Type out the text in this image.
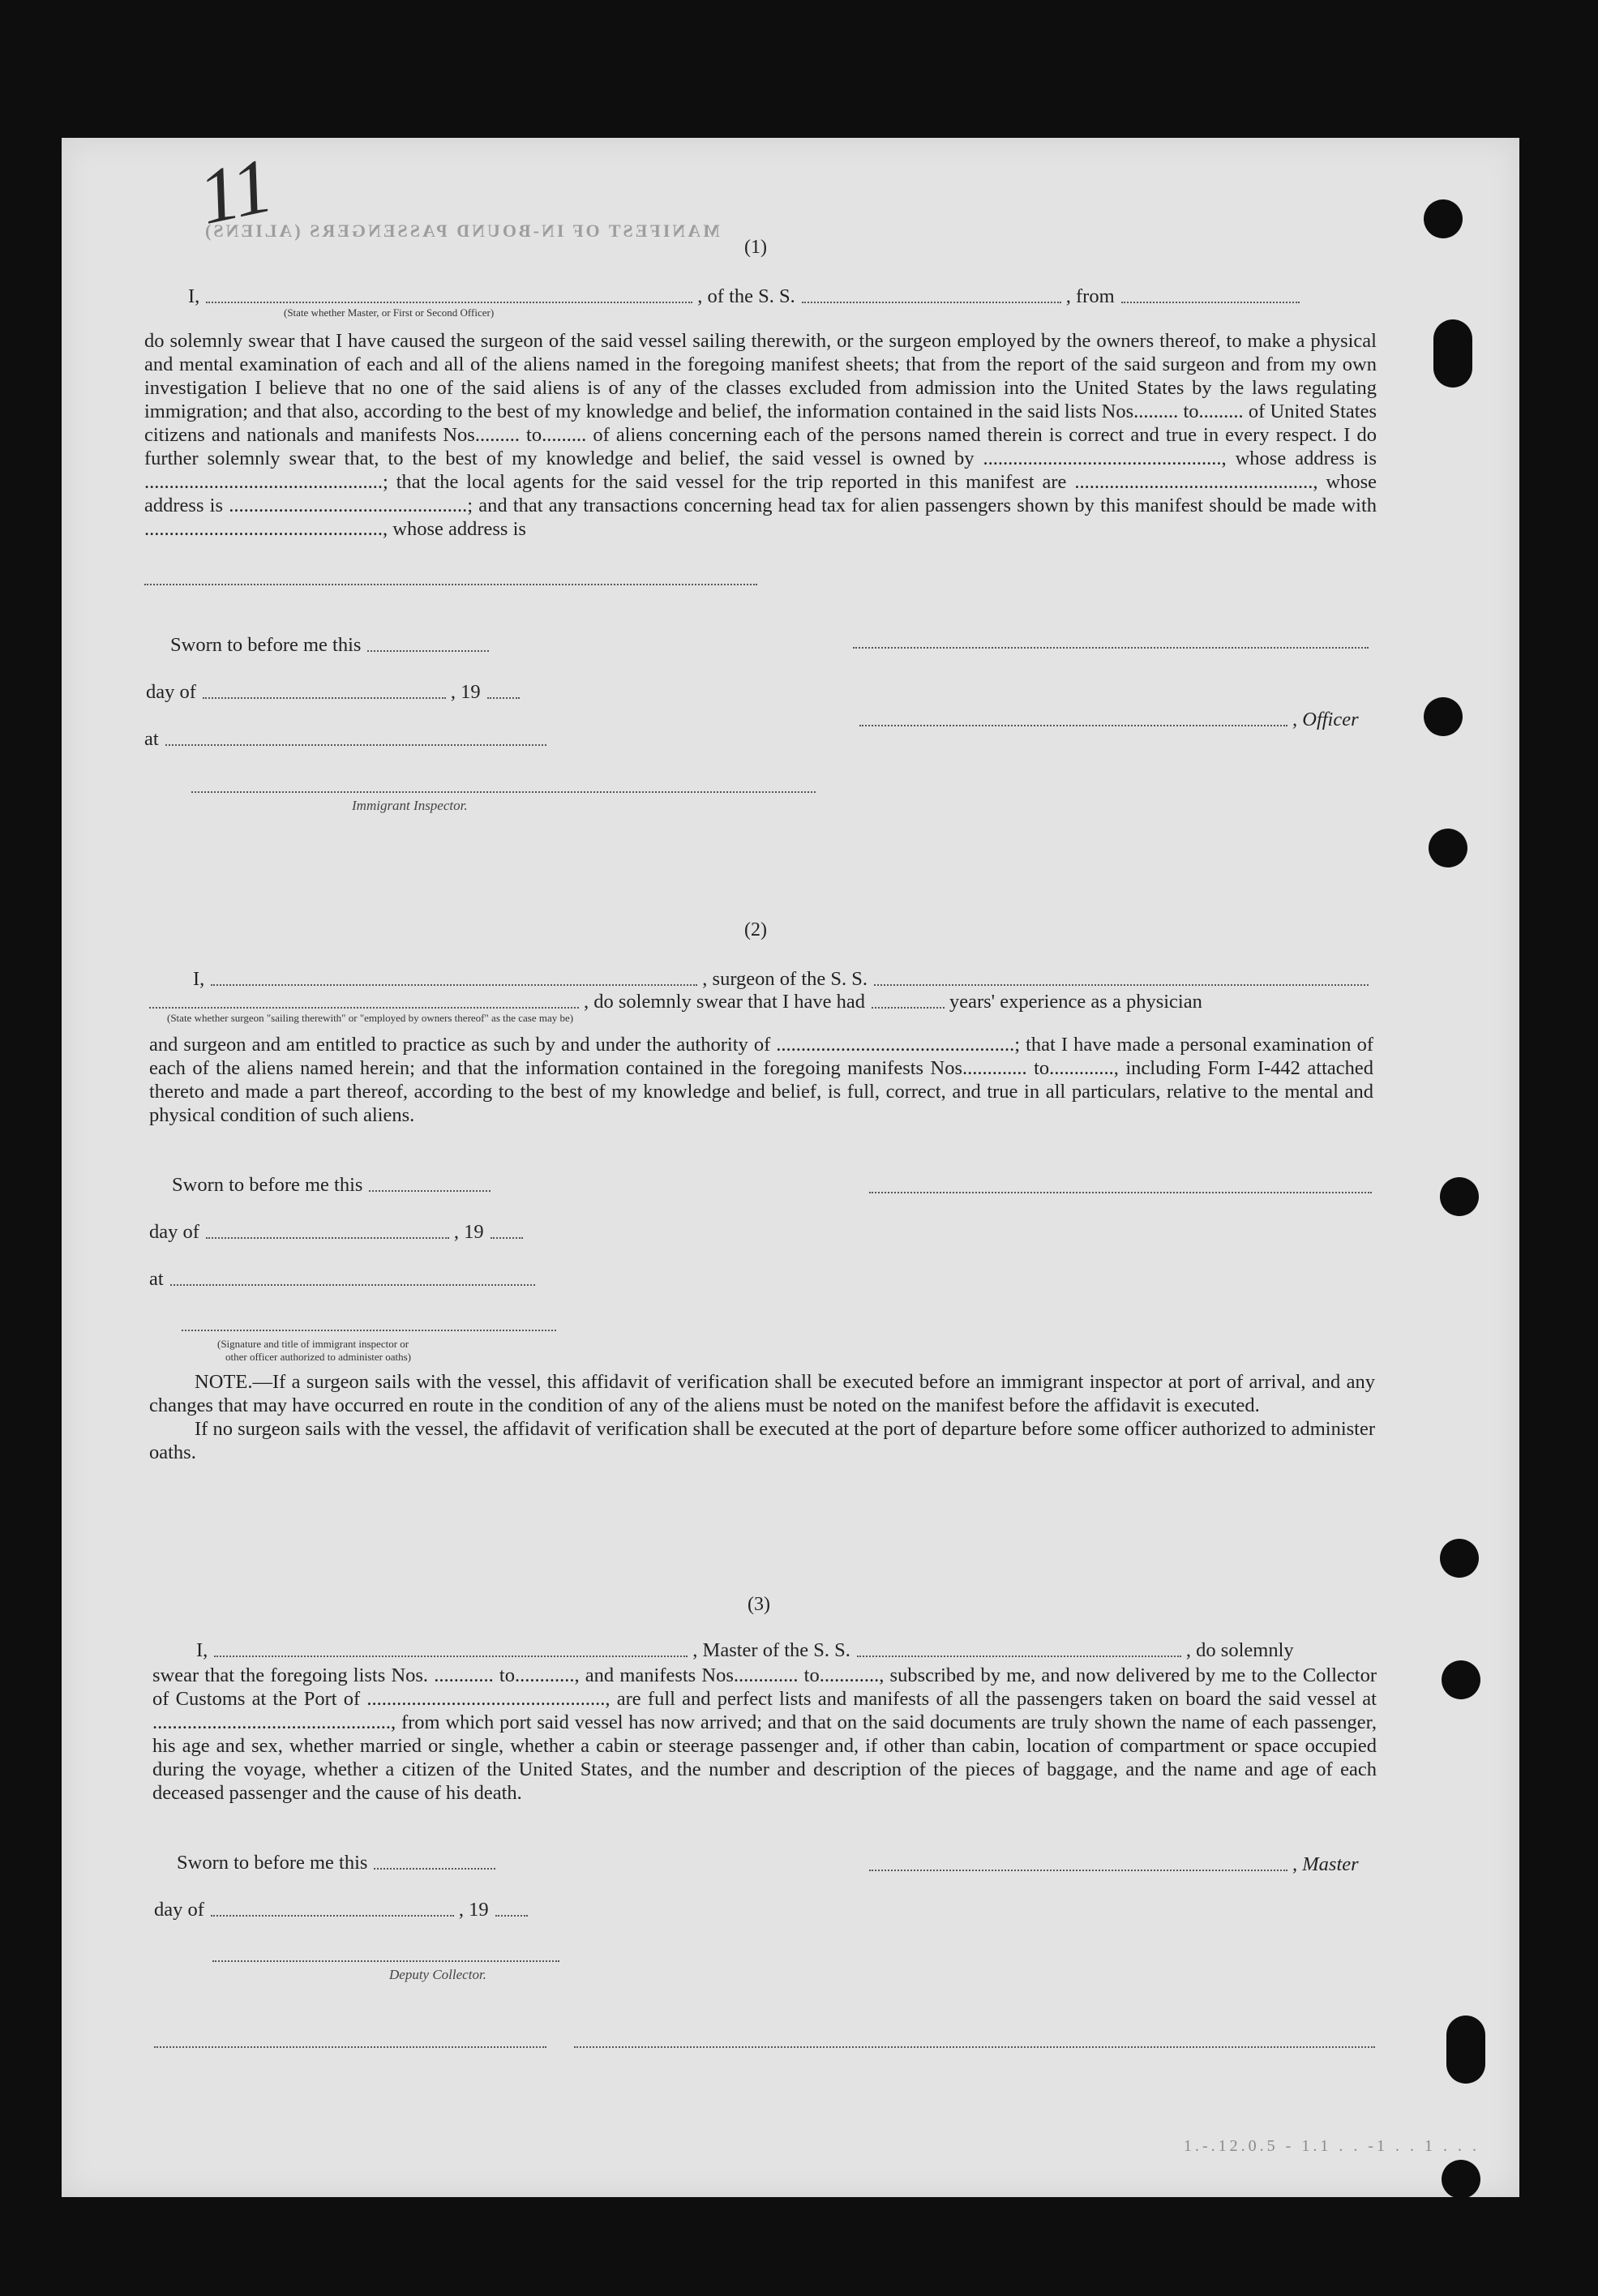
MANIFEST OF IN-BOUND PASSENGERS (ALIENS)
11
(1)
I,	, of the S. S.	, from
(State whether Master, or First or Second Officer)

do solemnly swear that I have caused the surgeon of the said vessel sailing therewith, or the surgeon employed by the owners thereof, to make a physical and mental examination of each and all of the aliens named in the foregoing manifest sheets; that from the report of the said surgeon and from my own investigation I believe that no one of the said aliens is of any of the classes excluded from admission into the United States by the laws regulating immigration; and that also, according to the best of my knowledge and belief, the information contained in the said lists Nos......... to......... of United States citizens and nationals and manifests Nos......... to......... of aliens concerning each of the persons named therein is correct and true in every respect. I do further solemnly swear that, to the best of my knowledge and belief, the said vessel is owned by ................................................, whose address is ................................................; that the local agents for the said vessel for the trip reported in this manifest are ................................................, whose address is ................................................; and that any transactions concerning head tax for alien passengers shown by this manifest should be made with ................................................, whose address is

Sworn to before me this
day of	, 19
, Officer
at
Immigrant Inspector.
(2)
I,	, surgeon of the S. S.
, do solemnly swear that I have had	years' experience as a physician
(State whether surgeon "sailing therewith" or "employed by owners thereof" as the case may be)

and surgeon and am entitled to practice as such by and under the authority of ................................................; that I have made a personal examination of each of the aliens named herein; and that the information contained in the foregoing manifests Nos............. to............., including Form I-442 attached thereto and made a part thereof, according to the best of my knowledge and belief, is full, correct, and true in all particulars, relative to the mental and physical condition of such aliens.

Sworn to before me this
day of	, 19
at
(Signature and title of immigrant inspector or
other officer authorized to administer oaths)

NOTE.—If a surgeon sails with the vessel, this affidavit of verification shall be executed before an immigrant inspector at port of arrival, and any changes that may have occurred en route in the condition of any of the aliens must be noted on the manifest before the affidavit is executed.

If no surgeon sails with the vessel, the affidavit of verification shall be executed at the port of departure before some officer authorized to administer oaths.

(3)
I,	, Master of the S. S.	, do solemnly

swear that the foregoing lists Nos. ............ to............, and manifests Nos............. to............, subscribed by me, and now delivered by me to the Collector of Customs at the Port of ................................................, are full and perfect lists and manifests of all the passengers taken on board the said vessel at ................................................, from which port said vessel has now arrived; and that on the said documents are truly shown the name of each passenger, his age and sex, whether married or single, whether a cabin or steerage passenger and, if other than cabin, location of compartment or space occupied during the voyage, whether a citizen of the United States, and the number and description of the pieces of baggage, and the name and age of each deceased passenger and the cause of his death.

Sworn to before me this	, Master
day of	, 19
Deputy Collector.
1.-.12.0.5 - 1.1 . . -1 . . 1 . . .
